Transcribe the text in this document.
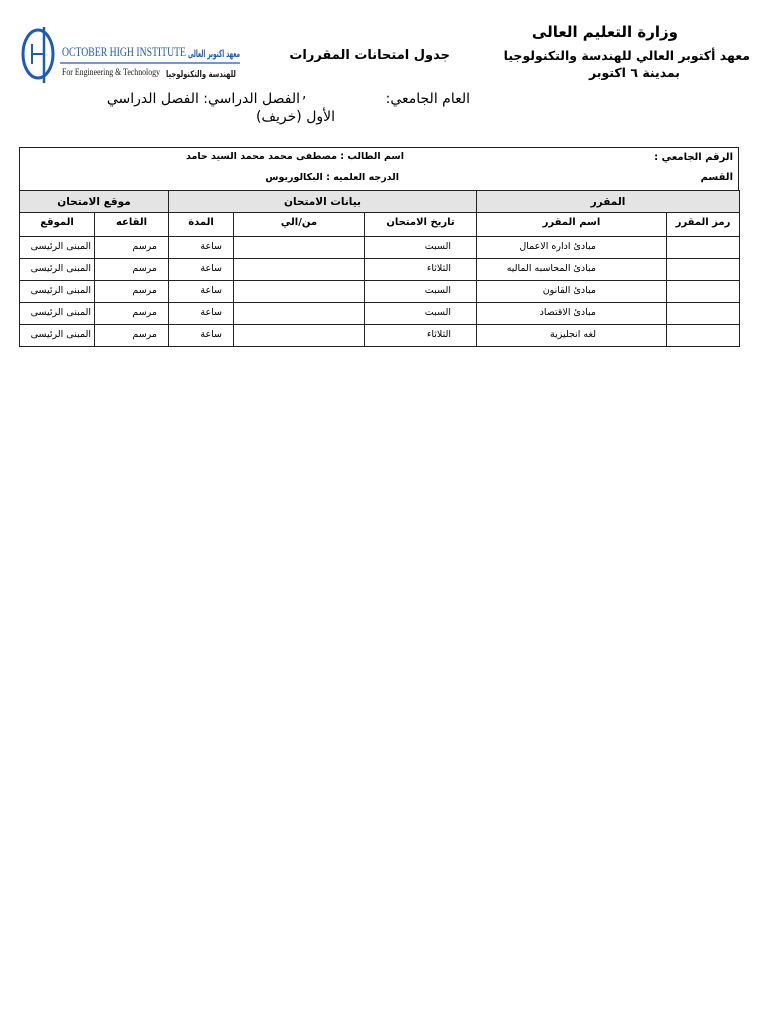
OCTOBER HIGH INSTITUTE معهد اكتوبر العالى
For Engineering & Technology للهندسة والتكنولوجيا
وزارة التعليم العالى
معهد أكتوبر العالي للهندسة والتكنولوجيا
بمدينة ٦ اكتوبر
جدول امتحانات المقررات
العام الجامعي:
,
الفصل الدراسي: الفصل الدراسي
الأول (خريف)
الرقم الجامعي :
اسم الطالب : مصطفى محمد محمد السيد حامد
القسم
الدرجه العلميه : البكالوريوس
المقرر		بيانات الامتحان			موقع الامتحان	
رمز المقرر	اسم المقرر	تاريخ الامتحان	من/الي	المدة	القاعه	الموقع
	مبادئ اداره الاعمال	السبت		ساعة	مرسم	المبنى الرئيسى
	مبادئ المحاسبه الماليه	الثلاثاء		ساعة	مرسم	المبنى الرئيسى
	مبادئ القانون	السبت		ساعة	مرسم	المبنى الرئيسى
	مبادئ الاقتصاد	السبت		ساعة	مرسم	المبنى الرئيسى
	لغه انجليزية	الثلاثاء		ساعة	مرسم	المبنى الرئيسى
